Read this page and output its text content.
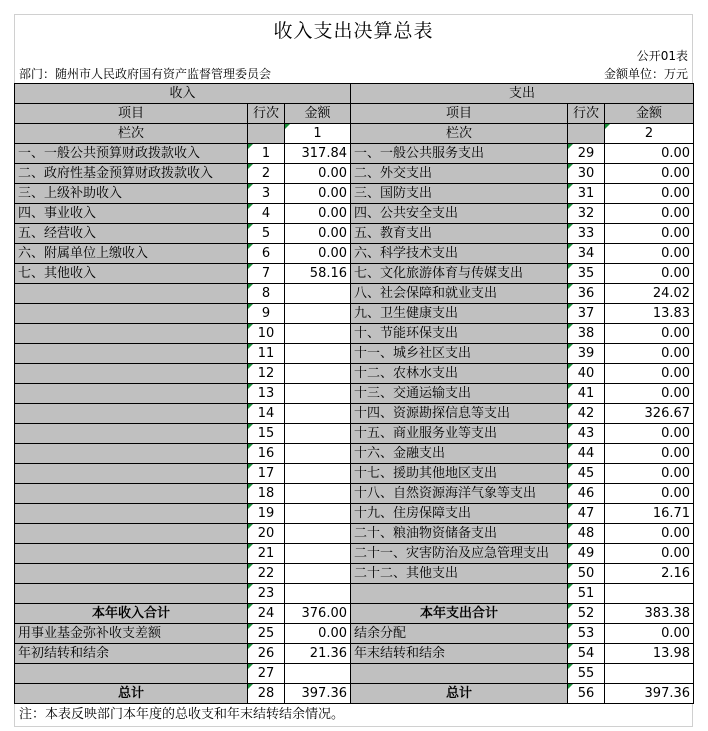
收入支出决算总表
公开01表
部门：随州市人民政府国有资产监督管理委员会	金额单位：万元
收入			支出		
项目	行次	金额	项目	行次	金额
栏次		1	栏次		2
一、一般公共预算财政拨款收入	1	317.84	一、一般公共服务支出	29	0.00
二、政府性基金预算财政拨款收入	2	0.00	二、外交支出	30	0.00
三、上级补助收入	3	0.00	三、国防支出	31	0.00
四、事业收入	4	0.00	四、公共安全支出	32	0.00
五、经营收入	5	0.00	五、教育支出	33	0.00
六、附属单位上缴收入	6	0.00	六、科学技术支出	34	0.00
七、其他收入	7	58.16	七、文化旅游体育与传媒支出	35	0.00
	8		八、社会保障和就业支出	36	24.02
	9		九、卫生健康支出	37	13.83
	10		十、节能环保支出	38	0.00
	11		十一、城乡社区支出	39	0.00
	12		十二、农林水支出	40	0.00
	13		十三、交通运输支出	41	0.00
	14		十四、资源勘探信息等支出	42	326.67
	15		十五、商业服务业等支出	43	0.00
	16		十六、金融支出	44	0.00
	17		十七、援助其他地区支出	45	0.00
	18		十八、自然资源海洋气象等支出	46	0.00
	19		十九、住房保障支出	47	16.71
	20		二十、粮油物资储备支出	48	0.00
	21		二十一、灾害防治及应急管理支出	49	0.00
	22		二十二、其他支出	50	2.16
	23			51	
本年收入合计	24	376.00	本年支出合计	52	383.38
用事业基金弥补收支差额	25	0.00	结余分配	53	0.00
年初结转和结余	26	21.36	年末结转和结余	54	13.98
	27			55	
总计	28	397.36	总计	56	397.36
注：本表反映部门本年度的总收支和年末结转结余情况。
